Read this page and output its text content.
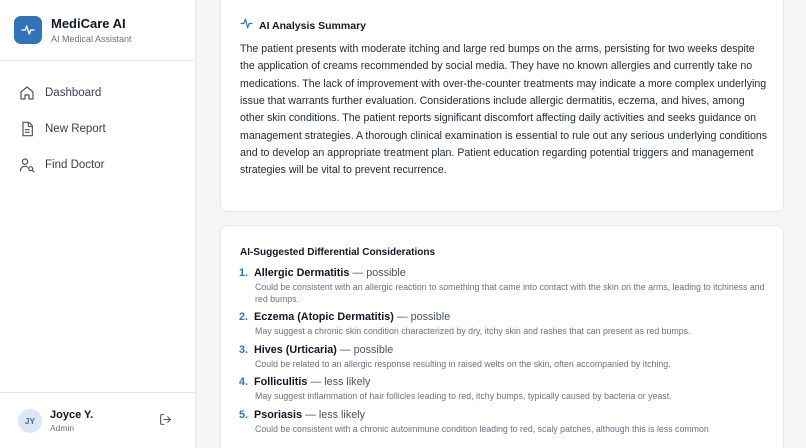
MediCare AI
AI Medical Assistant
Dashboard
New Report
Find Doctor
JY	Joyce Y.
Admin
AI Analysis Summary

The patient presents with moderate itching and large red bumps on the arms, persisting for two weeks despite the application of creams recommended by social media. They have no known allergies and currently take no medications. The lack of improvement with over-the-counter treatments may indicate a more complex underlying issue that warrants further evaluation. Considerations include allergic dermatitis, eczema, and hives, among other skin conditions. The patient reports significant discomfort affecting daily activities and seeks guidance on management strategies. A thorough clinical examination is essential to rule out any serious underlying conditions and to develop an appropriate treatment plan. Patient education regarding potential triggers and management strategies will be vital to prevent recurrence.

AI-Suggested Differential Considerations
1. Allergic Dermatitis — possible
Could be consistent with an allergic reaction to something that came into contact with the skin on the arms, leading to itchiness and red bumps.
2. Eczema (Atopic Dermatitis) — possible
May suggest a chronic skin condition characterized by dry, itchy skin and rashes that can present as red bumps.
3. Hives (Urticaria) — possible
Could be related to an allergic response resulting in raised welts on the skin, often accompanied by itching.
4. Folliculitis — less likely
May suggest inflammation of hair follicles leading to red, itchy bumps, typically caused by bacteria or yeast.
5. Psoriasis — less likely
Could be consistent with a chronic autoimmune condition leading to red, scaly patches, although this is less common
